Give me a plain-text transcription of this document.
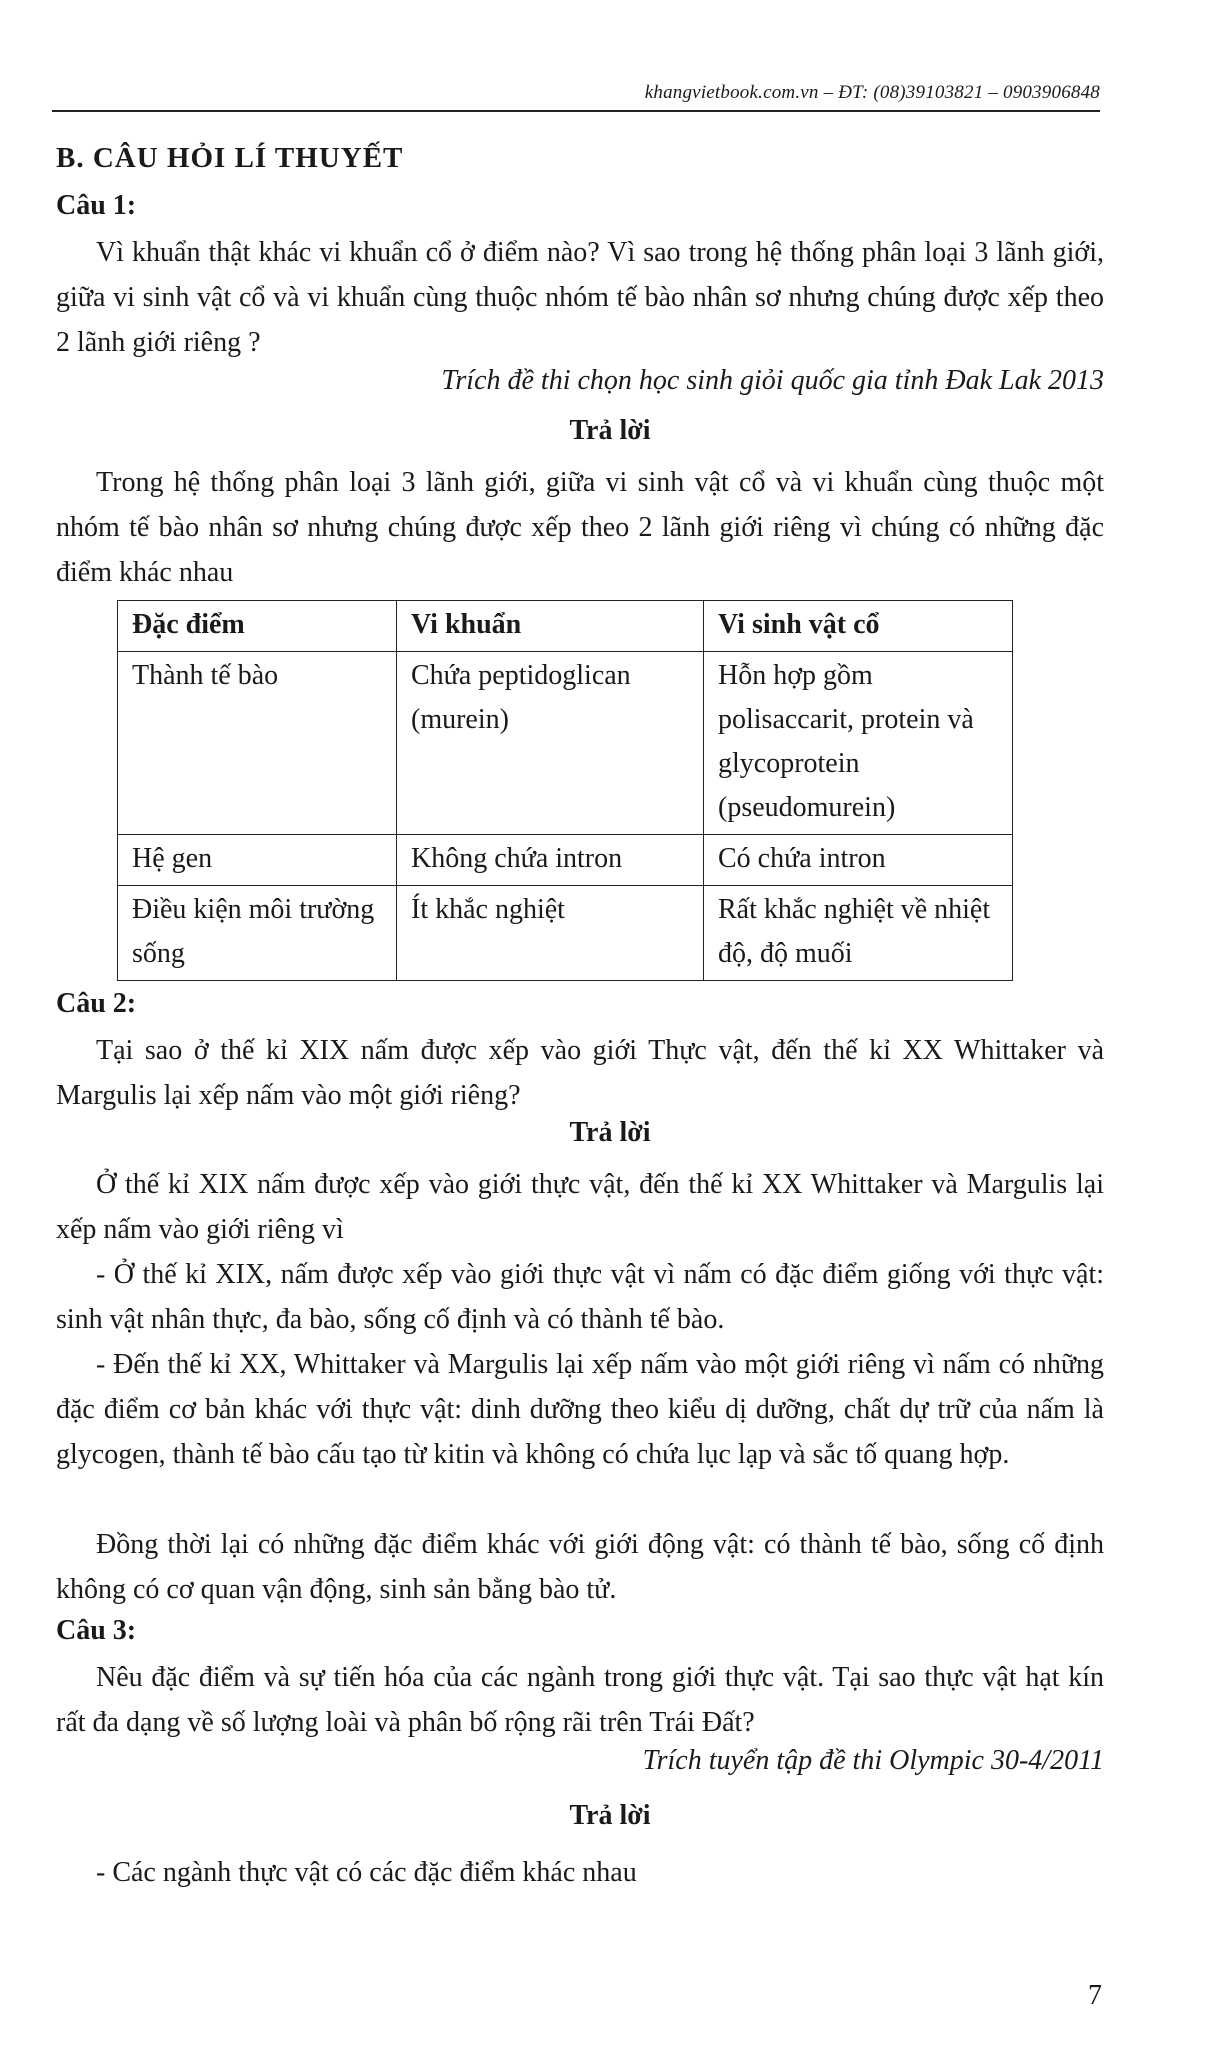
khangvietbook.com.vn – ĐT: (08)39103821 – 0903906848
B. CÂU HỎI LÍ THUYẾT
Câu 1:
Vì khuẩn thật khác vi khuẩn cổ ở điểm nào? Vì sao trong hệ thống phân loại 3 lãnh giới, giữa vi sinh vật cổ và vi khuẩn cùng thuộc nhóm tế bào nhân sơ nhưng chúng được xếp theo 2 lãnh giới riêng ?
Trích đề thi chọn học sinh giỏi quốc gia tỉnh Đak Lak 2013
Trả lời
Trong hệ thống phân loại 3 lãnh giới, giữa vi sinh vật cổ và vi khuẩn cùng thuộc một nhóm tế bào nhân sơ nhưng chúng được xếp theo 2 lãnh giới riêng vì chúng có những đặc điểm khác nhau
Đặc điểm	Vi khuẩn	Vi sinh vật cổ
Thành tế bào	Chứa peptidoglican (murein)	Hỗn hợp gồm polisaccarit, protein và glycoprotein (pseudomurein)
Hệ gen	Không chứa intron	Có chứa intron
Điều kiện môi trường sống	Ít khắc nghiệt	Rất khắc nghiệt về nhiệt độ, độ muối
Câu 2:
Tại sao ở thế kỉ XIX nấm được xếp vào giới Thực vật, đến thế kỉ XX Whittaker và Margulis lại xếp nấm vào một giới riêng?
Trả lời
Ở thế kỉ XIX nấm được xếp vào giới thực vật, đến thế kỉ XX Whittaker và Margulis lại xếp nấm vào giới riêng vì
- Ở thế kỉ XIX, nấm được xếp vào giới thực vật vì nấm có đặc điểm giống với thực vật: sinh vật nhân thực, đa bào, sống cố định và có thành tế bào.
- Đến thế kỉ XX, Whittaker và Margulis lại xếp nấm vào một giới riêng vì nấm có những đặc điểm cơ bản khác với thực vật: dinh dưỡng theo kiểu dị dưỡng, chất dự trữ của nấm là glycogen, thành tế bào cấu tạo từ kitin và không có chứa lục lạp và sắc tố quang hợp.
Đồng thời lại có những đặc điểm khác với giới động vật: có thành tế bào, sống cố định không có cơ quan vận động, sinh sản bằng bào tử.
Câu 3:
Nêu đặc điểm và sự tiến hóa của các ngành trong giới thực vật. Tại sao thực vật hạt kín rất đa dạng về số lượng loài và phân bố rộng rãi trên Trái Đất?
Trích tuyển tập đề thi Olympic 30-4/2011
Trả lời
- Các ngành thực vật có các đặc điểm khác nhau
7
